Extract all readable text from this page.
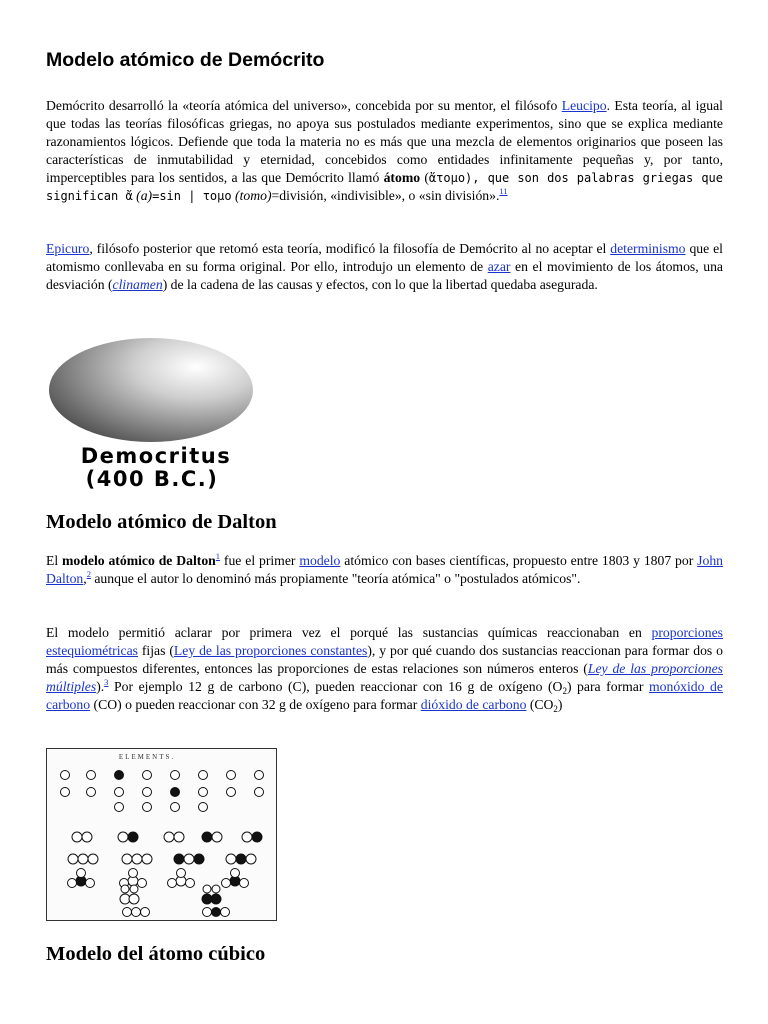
Modelo atómico de Demócrito

Demócrito desarrolló la «teoría atómica del universo», concebida por su mentor, el filósofo Leucipo. Esta teoría, al igual que todas las teorías filosóficas griegas, no apoya sus postulados mediante experimentos, sino que se explica mediante razonamientos lógicos. Defiende que toda la materia no es más que una mezcla de elementos originarios que poseen las características de inmutabilidad y eternidad, concebidos como entidades infinitamente pequeñas y, por tanto, imperceptibles para los sentidos, a las que Demócrito llamó átomo (ἄτομο), que son dos palabras griegas que significan ἄ (a)=sin | τομο (tomo)=división, «indivisible», o «sin división».$^{11}$

Epicuro, filósofo posterior que retomó esta teoría, modificó la filosofía de Demócrito al no aceptar el determinismo que el atomismo conllevaba en su forma original. Por ello, introdujo un elemento de azar en el movimiento de los átomos, una desviación (clinamen) de la cadena de las causas y efectos, con lo que la libertad quedaba asegurada.

Democritus
(400 B.C.)
Modelo atómico de Dalton

El modelo atómico de Dalton$^1$ fue el primer modelo atómico con bases científicas, propuesto entre 1803 y 1807 por John Dalton,$^2$ aunque el autor lo denominó más propiamente "teoría atómica" o "postulados atómicos".

El modelo permitió aclarar por primera vez el porqué las sustancias químicas reaccionaban en proporciones estequiométricas fijas (Ley de las proporciones constantes), y por qué cuando dos sustancias reaccionan para formar dos o más compuestos diferentes, entonces las proporciones de estas relaciones son números enteros (Ley de las proporciones múltiples).$^3$ Por ejemplo 12 g de carbono (C), pueden reaccionar con 16 g de oxígeno $(O_2)$ para formar monóxido de carbono (CO) o pueden reaccionar con 32 g de oxígeno para formar dióxido de carbono $(CO_2)$

ELEMENTS.
Modelo del átomo cúbico
